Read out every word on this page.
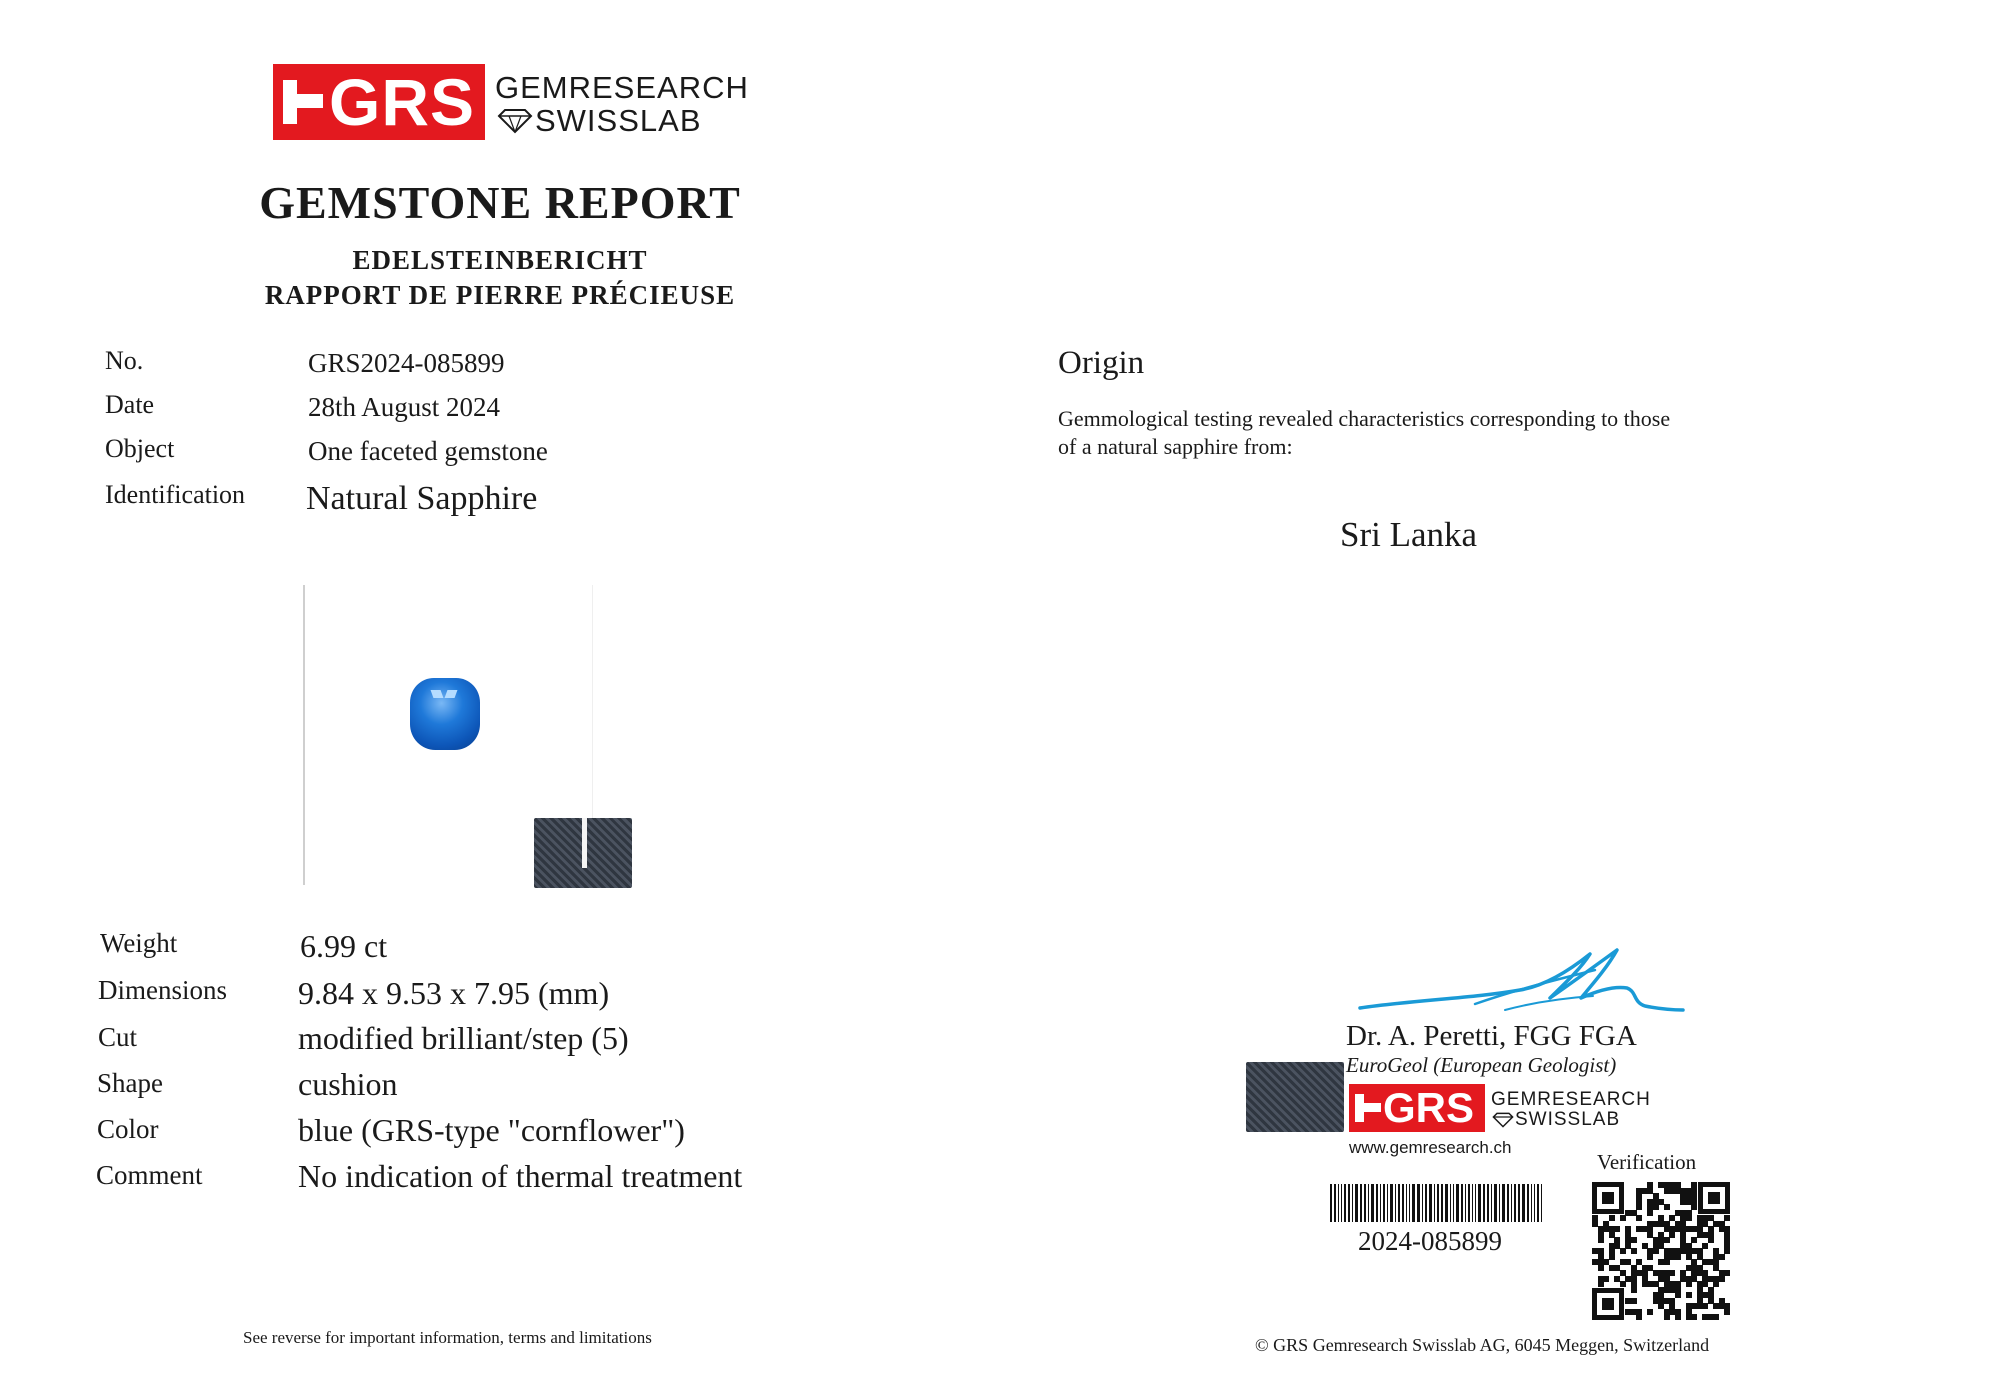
GRS GEMRESEARCH
SWISSLAB
GEMSTONE REPORT
EDELSTEINBERICHT
RAPPORT DE PIERRE PRÉCIEUSE
No.	GRS2024-085899
Date	28th August 2024
Object	One faceted gemstone
Identification Natural Sapphire
Weight	6.99 ct
Dimensions 9.84 x 9.53 x 7.95 (mm)
Cut	modified brilliant/step (5)
Shape	cushion
Color	blue (GRS-type "cornflower")
Comment	No indication of thermal treatment
See reverse for important information, terms and limitations
Origin
Gemmological testing revealed characteristics corresponding to those
of a natural sapphire from:
Sri Lanka
Dr. A. Peretti, FGG FGA
EuroGeol (European Geologist)
GRS GEMRESEARCH
SWISSLAB
www.gemresearch.ch
Verification
2024-085899
© GRS Gemresearch Swisslab AG, 6045 Meggen, Switzerland
